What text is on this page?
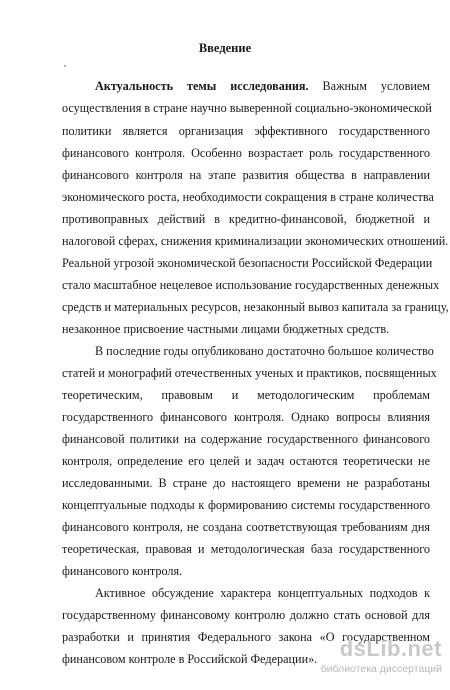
Введение
Актуальность темы исследования. Важным условием
осуществления в стране научно выверенной социально-экономической
политики является организация эффективного государственного
финансового контроля. Особенно возрастает роль государственного
финансового контроля на этапе развития общества в направлении
экономического роста, необходимости сокращения в стране количества
противоправных действий в кредитно-финансовой, бюджетной и
налоговой сферах, снижения криминализации экономических отношений.
Реальной угрозой экономической безопасности Российской Федерации
стало масштабное нецелевое использование государственных денежных
средств и материальных ресурсов, незаконный вывоз капитала за границу,
незаконное присвоение частными лицами бюджетных средств.
В последние годы опубликовано достаточно большое количество
статей и монографий отечественных ученых и практиков, посвященных
теоретическим, правовым и методологическим проблемам
государственного финансового контроля. Однако вопросы влияния
финансовой политики на содержание государственного финансового
контроля, определение его целей и задач остаются теоретически не
исследованными. В стране до настоящего времени не разработаны
концептуальные подходы к формированию системы государственного
финансового контроля, не создана соответствующая требованиям дня
теоретическая, правовая и методологическая база государственного
финансового контроля.
Активное обсуждение характера концептуальных подходов к
государственному финансовому контролю должно стать основой для
разработки и принятия Федерального закона «О государственном
финансовом контроле в Российской Федерации».	dsLib.net
библиотека диссертаций
